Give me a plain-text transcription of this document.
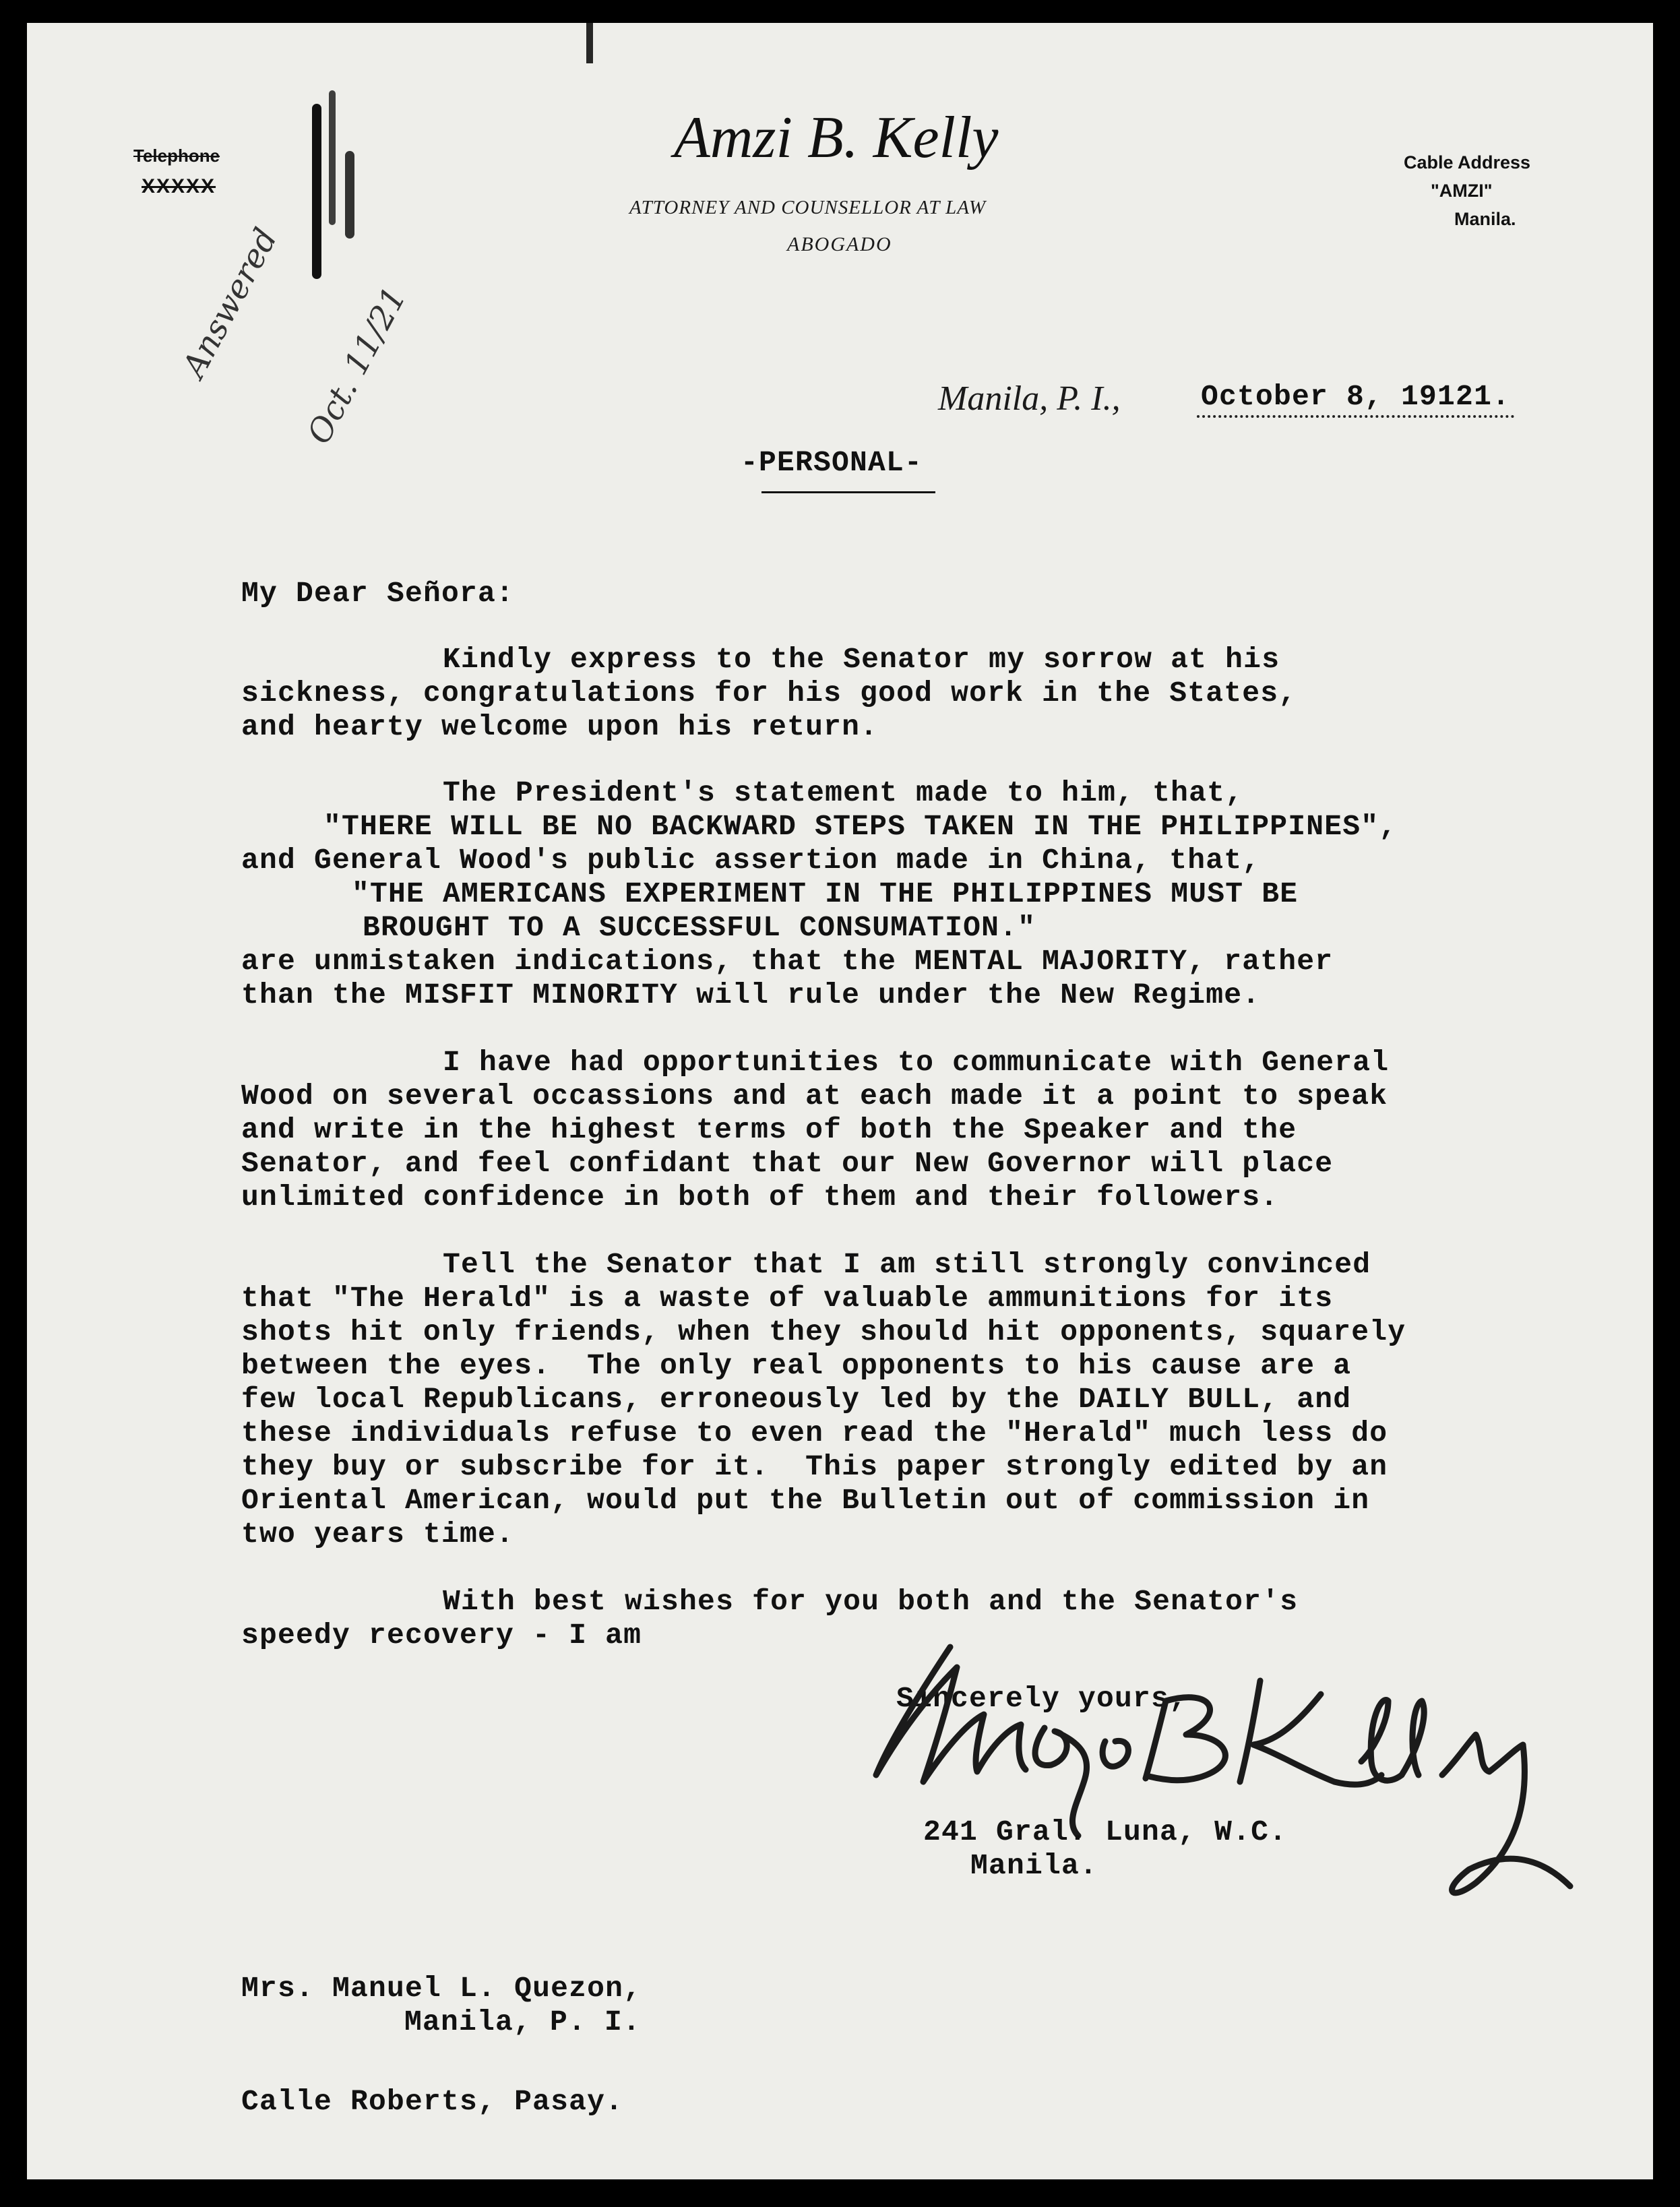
Telephone
XXXXX
Amzi B. Kelly
ATTORNEY AND COUNSELLOR AT LAW
ABOGADO
Cable Address
"AMZI"
Manila.

Answered

Oct. 11/21

	Manila, P. I.,	October 8, 19121.
-PERSONAL-
My Dear Señora:
Kindly express to the Senator my sorrow at his
sickness, congratulations for his good work in the States,
and hearty welcome upon his return.
The President's statement made to him, that,
"THERE WILL BE NO BACKWARD STEPS TAKEN IN THE PHILIPPINES",
and General Wood's public assertion made in China, that,
"THE AMERICANS EXPERIMENT IN THE PHILIPPINES MUST BE
BROUGHT TO A SUCCESSFUL CONSUMATION."
are unmistaken indications, that the MENTAL MAJORITY, rather
than the MISFIT MINORITY will rule under the New Regime.
I have had opportunities to communicate with General
Wood on several occassions and at each made it a point to speak
and write in the highest terms of both the Speaker and the
Senator, and feel confidant that our New Governor will place
unlimited confidence in both of them and their followers.
Tell the Senator that I am still strongly convinced
that "The Herald" is a waste of valuable ammunitions for its
shots hit only friends, when they should hit opponents, squarely
between the eyes.  The only real opponents to his cause are a
few local Republicans, erroneously led by the DAILY BULL, and
these individuals refuse to even read the "Herald" much less do
they buy or subscribe for it.  This paper strongly edited by an
Oriental American, would put the Bulletin out of commission in
two years time.
With best wishes for you both and the Senator's
speedy recovery - I am
Sincerely yours,
241 Gral. Luna, W.C.
Manila.
Mrs. Manuel L. Quezon,
Manila, P. I.
Calle Roberts, Pasay.
